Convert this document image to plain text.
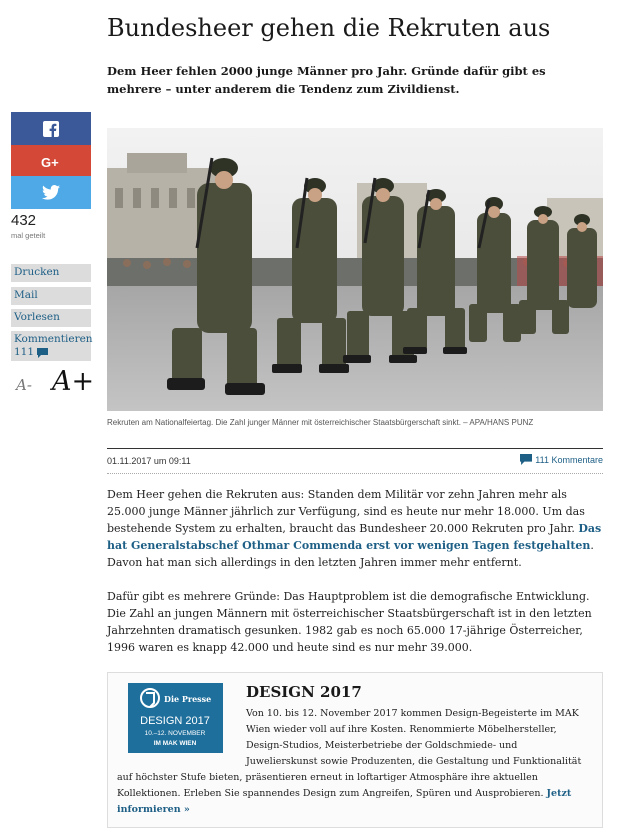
Bundesheer gehen die Rekruten aus

Dem Heer fehlen 2000 junge Männer pro Jahr. Gründe dafür gibt es mehrere – unter anderem die Tendenz zum Zivildienst.

G+
432
mal geteilt
Drucken
Mail
Vorlesen
Kommentieren
111
A- A+
Rekruten am Nationalfeiertag. Die Zahl junger Männer mit österreichischer Staatsbürgerschaft sinkt. – APA/HANS PUNZ
01.11.2017 um 09:11	111 Kommentare

Dem Heer gehen die Rekruten aus: Standen dem Militär vor zehn Jahren mehr als 25.000 junge Männer jährlich zur Verfügung, sind es heute nur mehr 18.000. Um das bestehende System zu erhalten, braucht das Bundesheer 20.000 Rekruten pro Jahr. Das hat Generalstabschef Othmar Commenda erst vor wenigen Tagen festgehalten. Davon hat man sich allerdings in den letzten Jahren immer mehr entfernt.

Dafür gibt es mehrere Gründe: Das Hauptproblem ist die demografische Entwicklung. Die Zahl an jungen Männern mit österreichischer Staatsbürgerschaft ist in den letzten Jahrzehnten dramatisch gesunken. 1982 gab es noch 65.000 17-jährige Österreicher, 1996 waren es knapp 42.000 und heute sind es nur mehr 39.000.

Die Presse
DESIGN 2017
10.–12. NOVEMBER
IM MAK WIEN
DESIGN 2017

Von 10. bis 12. November 2017 kommen Design-Begeisterte im MAK
Wien wieder voll auf ihre Kosten. Renommierte Möbelhersteller,
Design-Studios, Meisterbetriebe der Goldschmiede- und
Juwelierskunst sowie Produzenten, die Gestaltung und Funktionalität
auf höchster Stufe bieten, präsentieren erneut in loftartiger Atmosphäre ihre aktuellen Kollektionen. Erleben Sie spannendes Design zum Angreifen, Spüren und Ausprobieren. Jetzt informieren »
